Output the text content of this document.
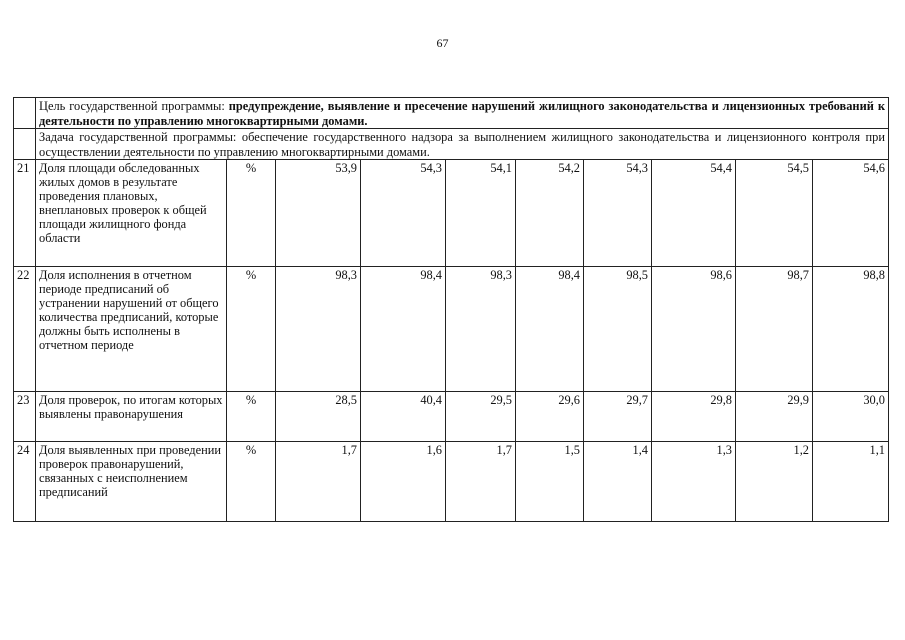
67
	Цель государственной программы: предупреждение, выявление и пресечение нарушений жилищного законодательства и лицензионных требований к деятельности по управлению многоквартирными домами.									
	Задача государственной программы: обеспечение государственного надзора за выполнением жилищного законодательства и лицензионного контроля при осуществлении деятельности по управлению многоквартирными домами.									
21	Доля площади обследованных жилых домов в результате проведения плановых, внеплановых проверок к общей площади жилищного фонда области	%	53,9	54,3	54,1	54,2	54,3	54,4	54,5	54,6
22	Доля исполнения в отчетном периоде предписаний об устранении нарушений от общего количества предписаний, которые должны быть исполнены в отчетном периоде	%	98,3	98,4	98,3	98,4	98,5	98,6	98,7	98,8
23	Доля проверок, по итогам которых выявлены правонарушения	%	28,5	40,4	29,5	29,6	29,7	29,8	29,9	30,0
24	Доля выявленных при проведении проверок правонарушений, связанных с неисполнением предписаний	%	1,7	1,6	1,7	1,5	1,4	1,3	1,2	1,1
